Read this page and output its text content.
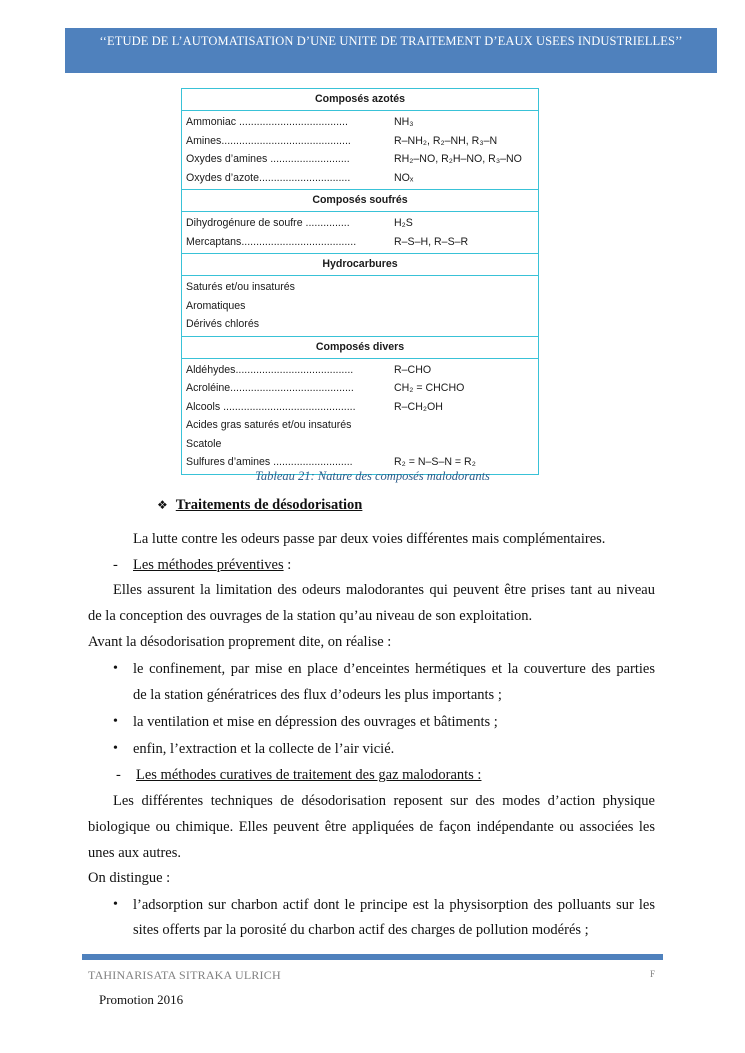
‘‘ETUDE DE L’AUTOMATISATION D’UNE UNITE DE TRAITEMENT D’EAUX USEES INDUSTRIELLES’’
Composés azotés
Ammoniac .....................................	NH₃
Amines............................................	R–NH₂, R₂–NH, R₃–N
Oxydes d’amines ...........................	RH₂–NO, R₂H–NO, R₃–NO
Oxydes d’azote...............................	NOₓ
Composés soufrés
Dihydrogénure de soufre ...............	H₂S
Mercaptans.......................................	R–S–H, R–S–R
Hydrocarbures
Saturés et/ou insaturés
Aromatiques
Dérivés chlorés
Composés divers
Aldéhydes........................................	R–CHO
Acroléine..........................................	CH₂ = CHCHO
Alcools .............................................	R–CH₂OH
Acides gras saturés et/ou insaturés
Scatole
Sulfures d’amines ...........................	R₂ = N–S–N = R₂
Tableau 21: Nature des composés malodorants
❖ Traitements de désodorisation
La lutte contre les odeurs passe par deux voies différentes mais complémentaires.
- Les méthodes préventives :
Elles assurent la limitation des odeurs malodorantes qui peuvent être prises tant au niveau
de la conception des ouvrages de la station qu’au niveau de son exploitation.
Avant la désodorisation proprement dite, on réalise :
• le confinement, par mise en place d’enceintes hermétiques et la couverture des parties
de la station génératrices des flux d’odeurs les plus importants ;
• la ventilation et mise en dépression des ouvrages et bâtiments ;
• enfin, l’extraction et la collecte de l’air vicié.
- Les méthodes curatives de traitement des gaz malodorants :
Les différentes techniques de désodorisation reposent sur des modes d’action physique
biologique ou chimique. Elles peuvent être appliquées de façon indépendante ou associées les
unes aux autres.
On distingue :
• l’adsorption sur charbon actif dont le principe est la physisorption des polluants sur les
sites offerts par la porosité du charbon actif des charges de pollution modérés ;
TAHINARISATA SITRAKA ULRICH	F
Promotion 2016
